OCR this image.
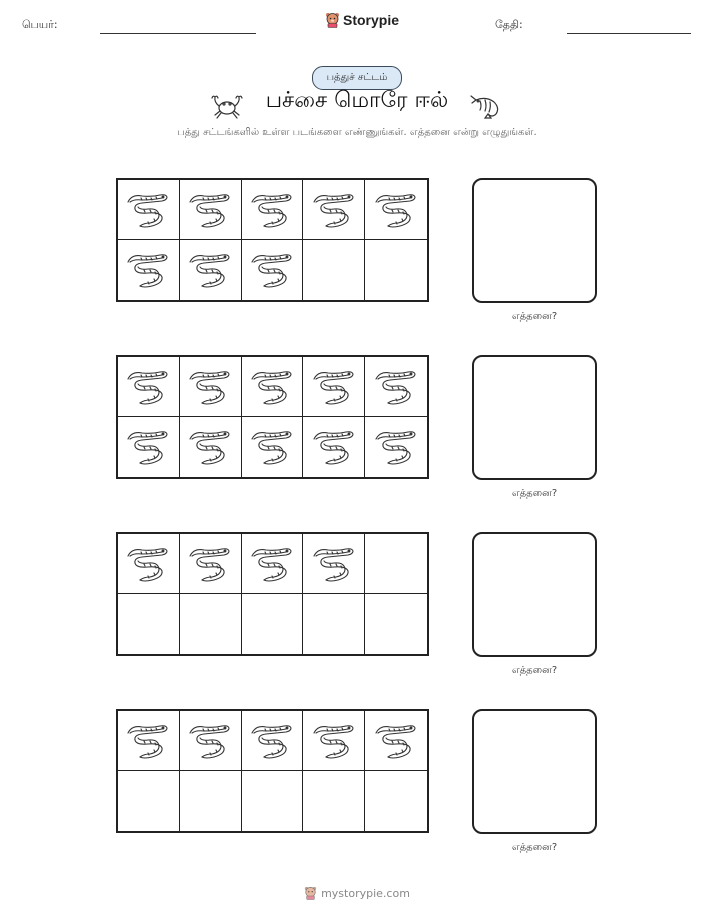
பெயர்:	Storypie	தேதி:
பத்துச் சட்டம்
பச்சை மொரே ஈல்
பத்து சட்டங்களில் உள்ள படங்களை எண்ணுங்கள். எத்தனை என்று எழுதுங்கள்.
எத்தனை?
எத்தனை?
எத்தனை?
எத்தனை?
mystorypie.com
